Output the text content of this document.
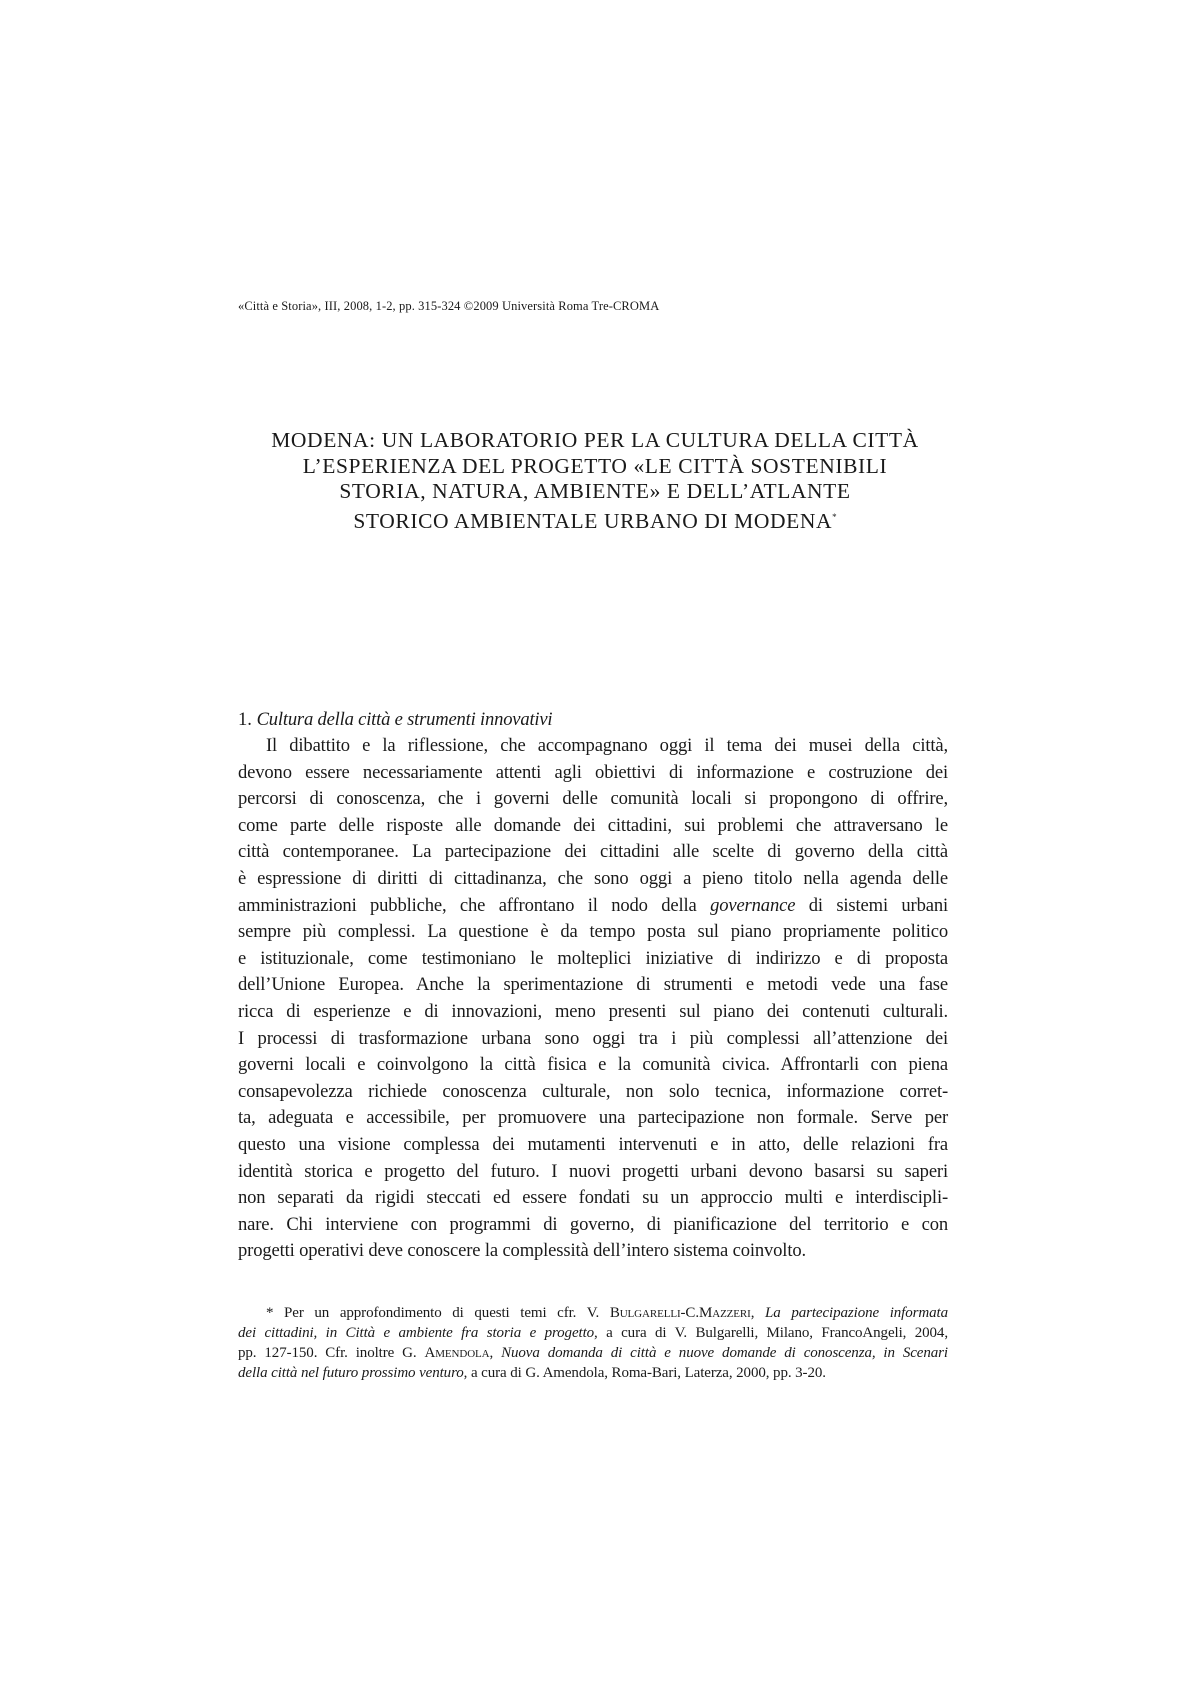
«Città e Storia», III, 2008, 1-2, pp. 315-324 ©2009 Università Roma Tre-CROMA
MODENA: UN LABORATORIO PER LA CULTURA DELLA CITTÀ
L’ESPERIENZA DEL PROGETTO «LE CITTÀ SOSTENIBILI
STORIA, NATURA, AMBIENTE» E DELL’ATLANTE
STORICO AMBIENTALE URBANO DI MODENA*
1. Cultura della città e strumenti innovativi
Il dibattito e la riflessione, che accompagnano oggi il tema dei musei della città,
devono essere necessariamente attenti agli obiettivi di informazione e costruzione dei
percorsi di conoscenza, che i governi delle comunità locali si propongono di offrire,
come parte delle risposte alle domande dei cittadini, sui problemi che attraversano le
città contemporanee. La partecipazione dei cittadini alle scelte di governo della città
è espressione di diritti di cittadinanza, che sono oggi a pieno titolo nella agenda delle
amministrazioni pubbliche, che affrontano il nodo della governance di sistemi urbani
sempre più complessi. La questione è da tempo posta sul piano propriamente politico
e istituzionale, come testimoniano le molteplici iniziative di indirizzo e di proposta
dell’Unione Europea. Anche la sperimentazione di strumenti e metodi vede una fase
ricca di esperienze e di innovazioni, meno presenti sul piano dei contenuti culturali.
I processi di trasformazione urbana sono oggi tra i più complessi all’attenzione dei
governi locali e coinvolgono la città fisica e la comunità civica. Affrontarli con piena
consapevolezza richiede conoscenza culturale, non solo tecnica, informazione corret-
ta, adeguata e accessibile, per promuovere una partecipazione non formale. Serve per
questo una visione complessa dei mutamenti intervenuti e in atto, delle relazioni fra
identità storica e progetto del futuro. I nuovi progetti urbani devono basarsi su saperi
non separati da rigidi steccati ed essere fondati su un approccio multi e interdiscipli-
nare. Chi interviene con programmi di governo, di pianificazione del territorio e con
progetti operativi deve conoscere la complessità dell’intero sistema coinvolto.
* Per un approfondimento di questi temi cfr. V. Bulgarelli-C.Mazzeri, La partecipazione informata
dei cittadini, in Città e ambiente fra storia e progetto, a cura di V. Bulgarelli, Milano, FrancoAngeli, 2004,
pp. 127-150. Cfr. inoltre G. Amendola, Nuova domanda di città e nuove domande di conoscenza, in Scenari
della città nel futuro prossimo venturo, a cura di G. Amendola, Roma-Bari, Laterza, 2000, pp. 3-20.
